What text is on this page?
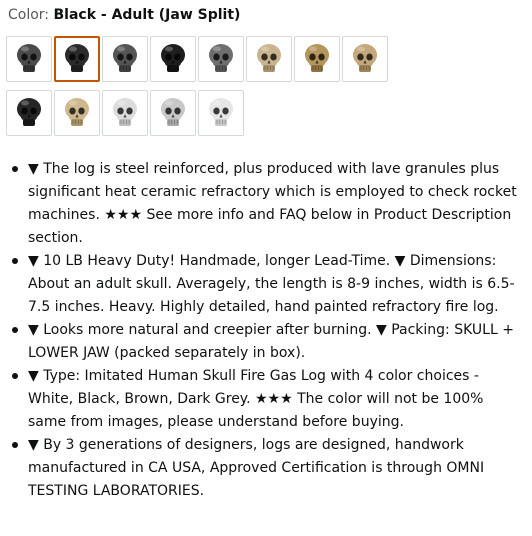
Color: Black - Adult (Jaw Split)
▼ The log is steel reinforced, plus produced with lave granules plus significant heat ceramic refractory which is employed to check rocket machines. ★★★ See more info and FAQ below in Product Description section.
▼ 10 LB Heavy Duty! Handmade, longer Lead-Time. ▼ Dimensions: About an adult skull. Averagely, the length is 8-9 inches, width is 6.5-7.5 inches. Heavy. Highly detailed, hand painted refractory fire log.
▼ Looks more natural and creepier after burning. ▼ Packing: SKULL + LOWER JAW (packed separately in box).
▼ Type: Imitated Human Skull Fire Gas Log with 4 color choices - White, Black, Brown, Dark Grey. ★★★ The color will not be 100% same from images, please understand before buying.
▼ By 3 generations of designers, logs are designed, handwork manufactured in CA USA, Approved Certification is through OMNI TESTING LABORATORIES.
